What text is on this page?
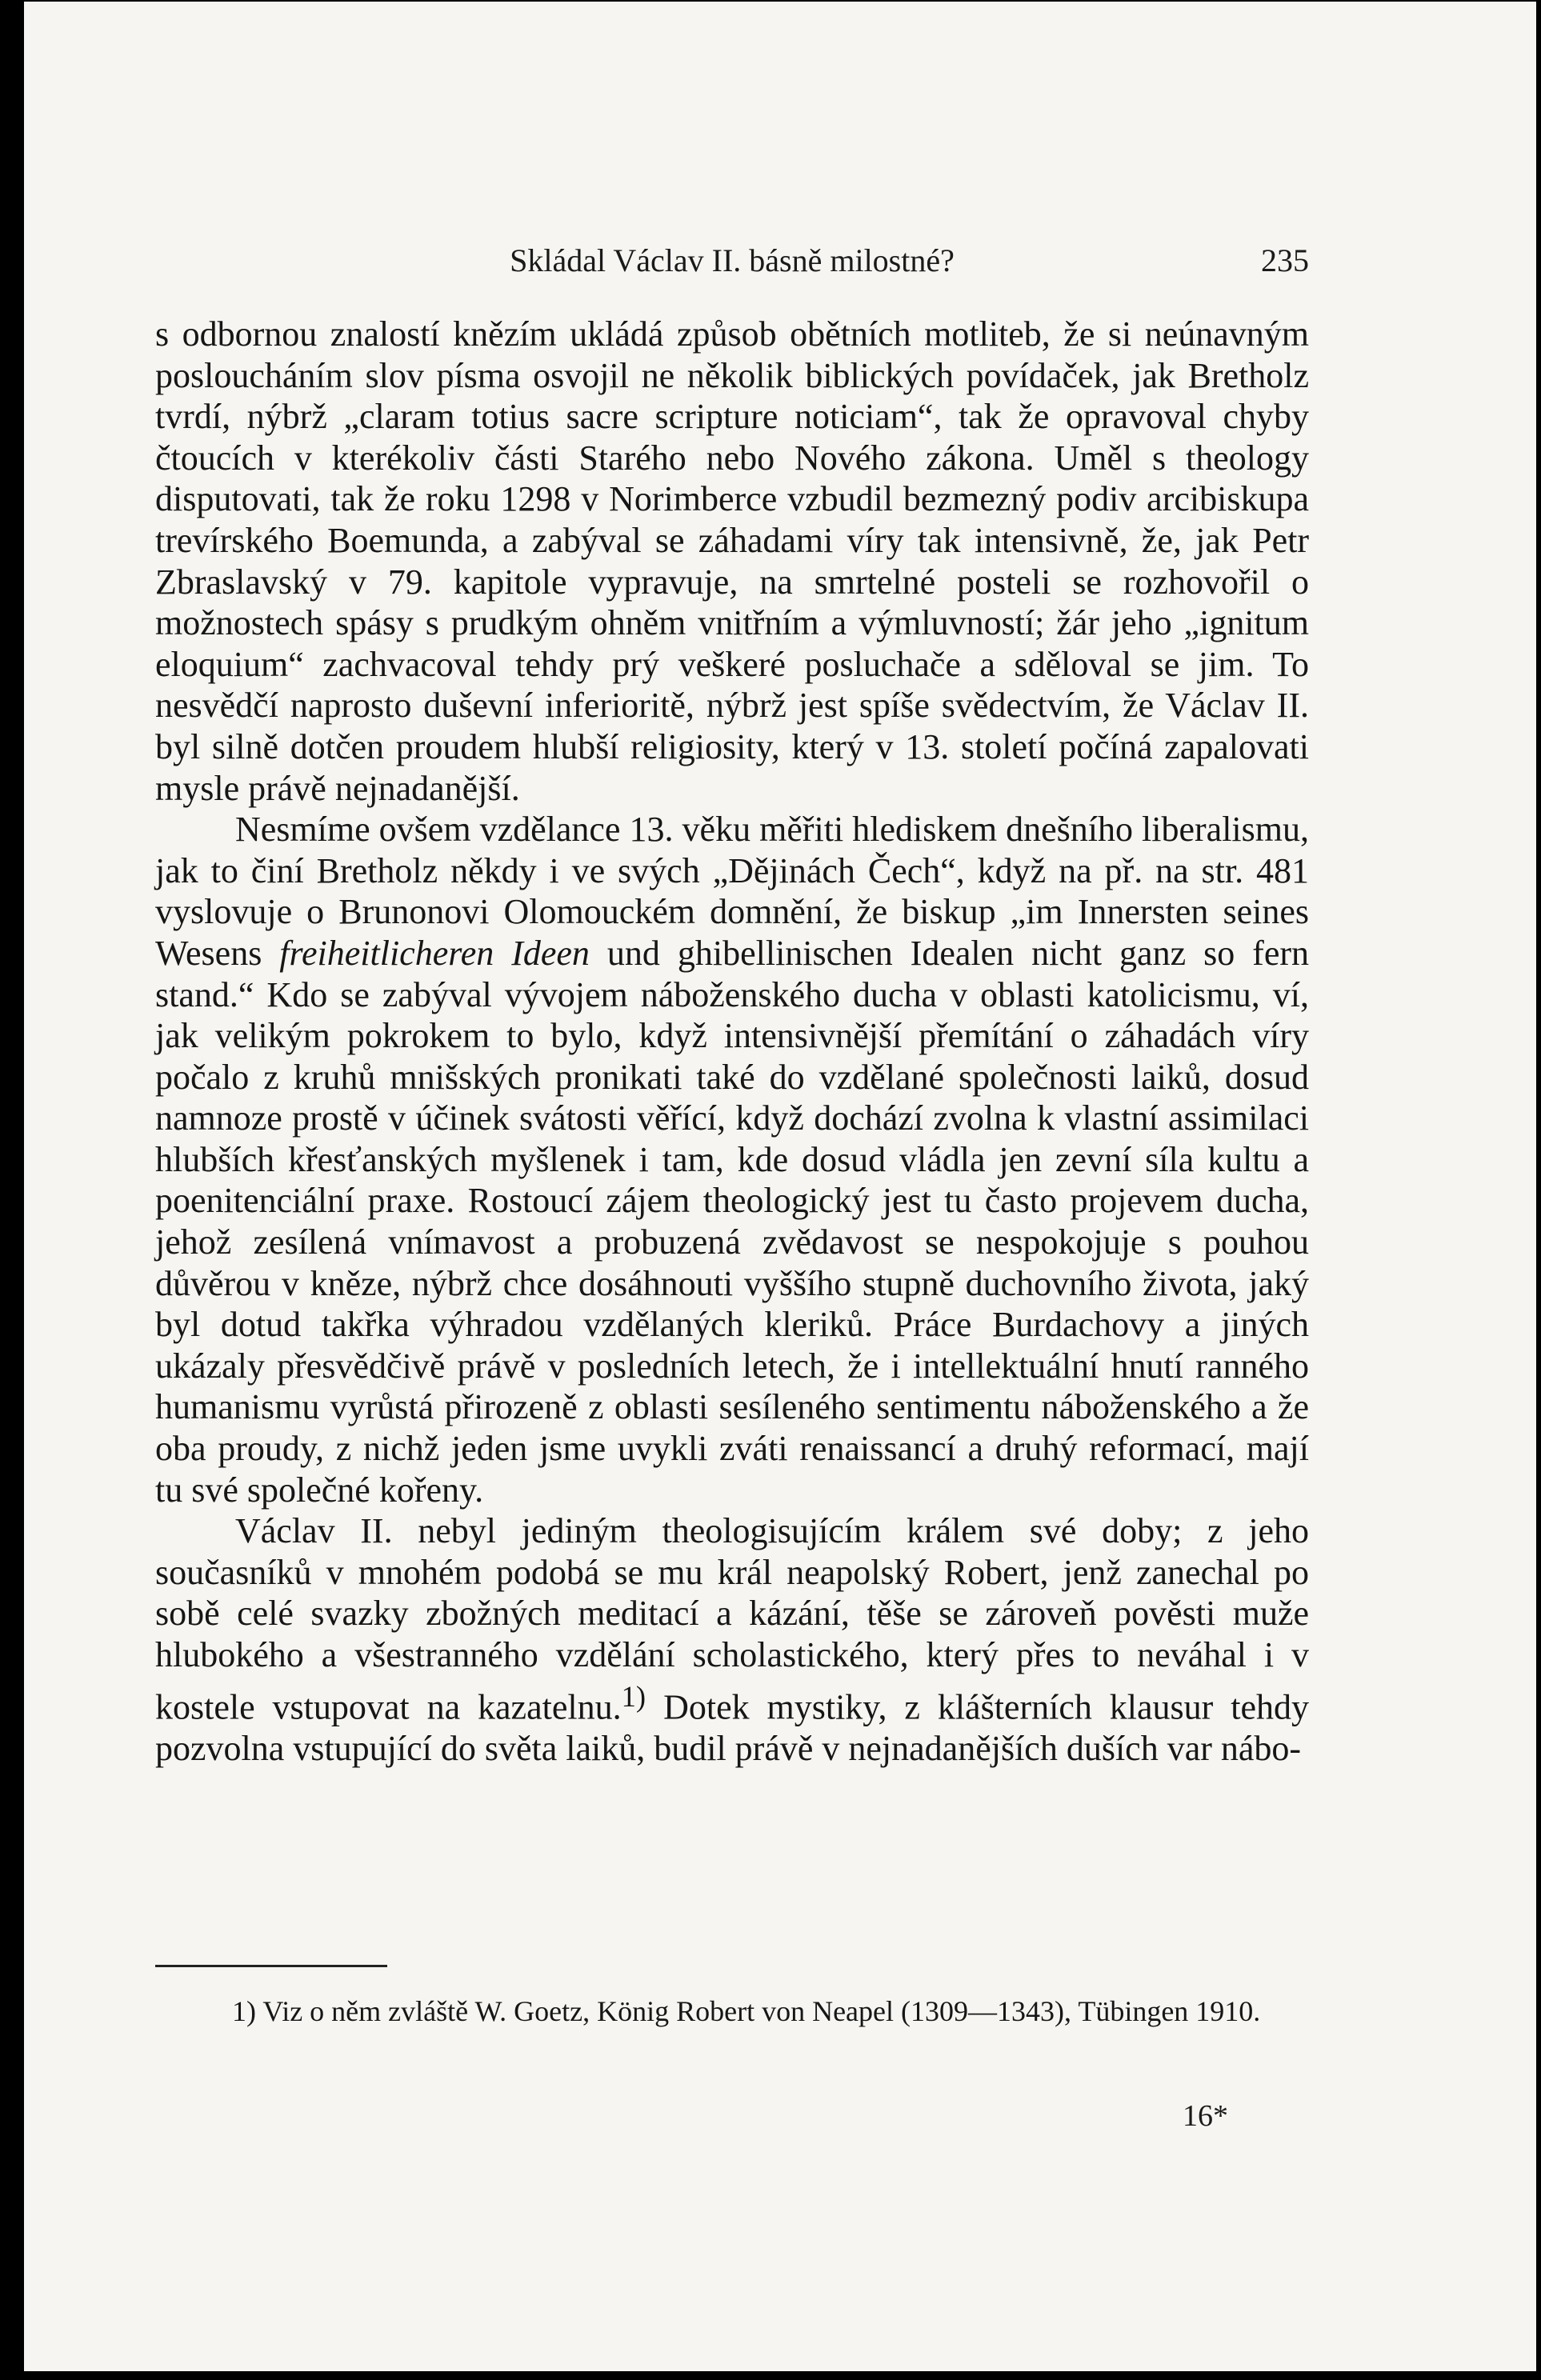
Skládal Václav II. básně milostné?	235

s odbornou znalostí knězím ukládá způsob obětních motliteb, že si neúnavným posloucháním slov písma osvojil ne několik biblických povídaček, jak Bretholz tvrdí, nýbrž „claram totius sacre scripture noticiam“, tak že opravoval chyby čtoucích v kterékoliv části Starého nebo Nového zákona. Uměl s theology disputovati, tak že roku 1298 v Norimberce vzbudil bezmezný podiv arcibiskupa trevírského Boemunda, a zabýval se záhadami víry tak intensivně, že, jak Petr Zbraslavský v 79. kapitole vypravuje, na smrtelné posteli se rozhovořil o možnostech spásy s prudkým ohněm vnitřním a výmluvností; žár jeho „ignitum eloquium“ zachvacoval tehdy prý veškeré posluchače a sděloval se jim. To nesvědčí naprosto duševní inferioritě, nýbrž jest spíše svědectvím, že Václav II. byl silně dotčen proudem hlubší religiosity, který v 13. století počíná zapalovati mysle právě nejnadanější.

Nesmíme ovšem vzdělance 13. věku měřiti hlediskem dnešního liberalismu, jak to činí Bretholz někdy i ve svých „Dějinách Čech“, když na př. na str. 481 vyslovuje o Brunonovi Olomouckém domnění, že biskup „im Innersten seines Wesens freiheitlicheren Ideen und ghibellinischen Idealen nicht ganz so fern stand.“ Kdo se zabýval vývojem náboženského ducha v oblasti katolicismu, ví, jak velikým pokrokem to bylo, když intensivnější přemítání o záhadách víry počalo z kruhů mnišských pronikati také do vzdělané společnosti laiků, dosud namnoze prostě v účinek svátosti věřící, když dochází zvolna k vlastní assimilaci hlubších křesťanských myšlenek i tam, kde dosud vládla jen zevní síla kultu a poenitenciální praxe. Rostoucí zájem theologický jest tu často projevem ducha, jehož zesílená vnímavost a probuzená zvědavost se nespokojuje s pouhou důvěrou v kněze, nýbrž chce dosáhnouti vyššího stupně duchovního života, jaký byl dotud takřka výhradou vzdělaných kleriků. Práce Burdachovy a jiných ukázaly přesvědčivě právě v posledních letech, že i intellektuální hnutí ranného humanismu vyrůstá přirozeně z oblasti sesíleného sentimentu náboženského a že oba proudy, z nichž jeden jsme uvykli zváti renaissancí a druhý reformací, mají tu své společné kořeny.

Václav II. nebyl jediným theologisujícím králem své doby; z jeho současníků v mnohém podobá se mu král neapolský Robert, jenž zanechal po sobě celé svazky zbožných meditací a kázání, těše se zároveň pověsti muže hlubokého a všestranného vzdělání scholastického, který přes to neváhal i v kostele vstupovat na kazatelnu.$^{1)}$ Dotek mystiky, z klášterních klausur tehdy pozvolna vstupující do světa laiků, budil právě v nejnadanějších duších var nábo-

1) Viz o něm zvláště W. Goetz, König Robert von Neapel (1309—1343), Tübingen 1910.
16*
